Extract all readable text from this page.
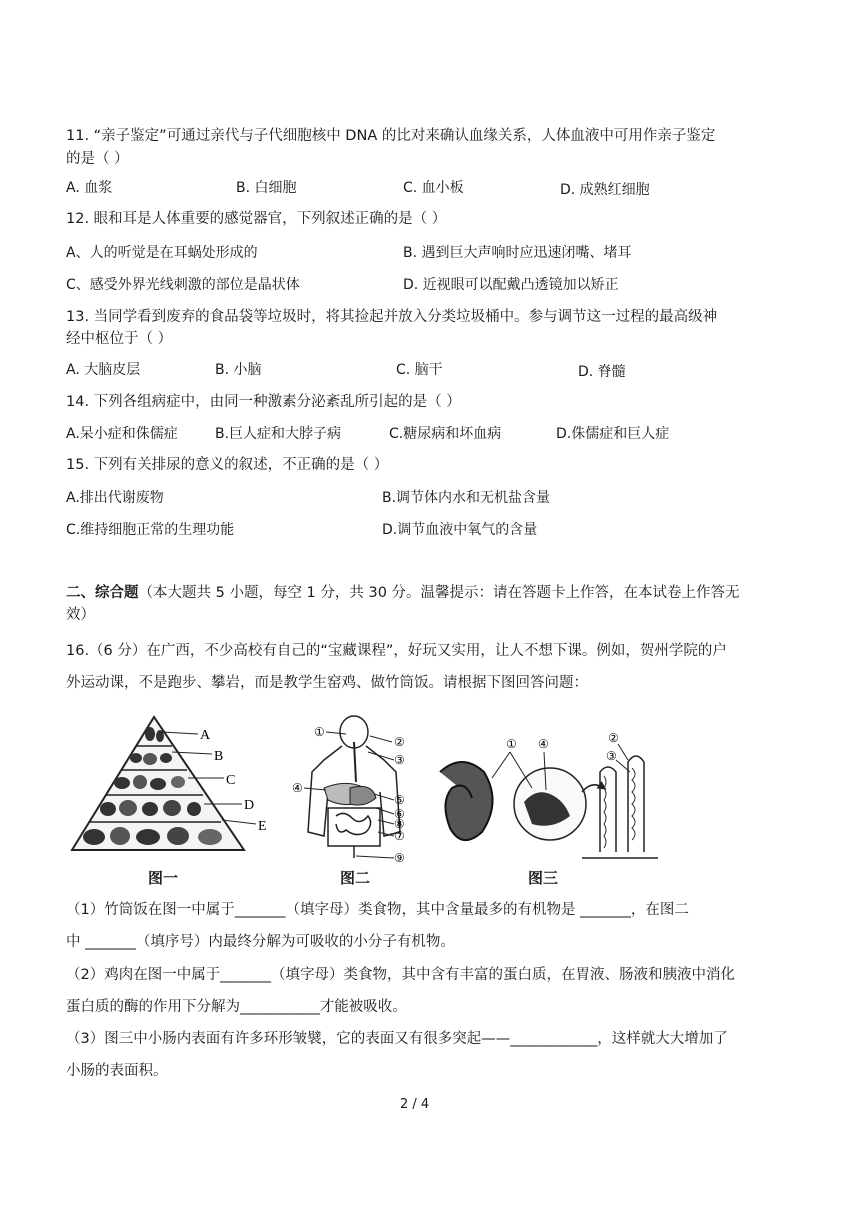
11. “亲子鉴定”可通过亲代与子代细胞核中 DNA 的比对来确认血缘关系，人体血液中可用作亲子鉴定
的是（ ）
A. 血浆	B. 白细胞	C. 血小板	D. 成熟红细胞
12. 眼和耳是人体重要的感觉器官，下列叙述正确的是（ ）
A、人的听觉是在耳蜗处形成的	B. 遇到巨大声响时应迅速闭嘴、堵耳
C、感受外界光线刺激的部位是晶状体	D. 近视眼可以配戴凸透镜加以矫正
13. 当同学看到废弃的食品袋等垃圾时，将其捡起并放入分类垃圾桶中。参与调节这一过程的最高级神
经中枢位于（ ）
A. 大脑皮层	B. 小脑	C. 脑干	D. 脊髓
14. 下列各组病症中，由同一种激素分泌紊乱所引起的是（ ）
A.呆小症和侏儒症	B.巨人症和大脖子病	C.糖尿病和坏血病	D.侏儒症和巨人症
15. 下列有关排尿的意义的叙述，不正确的是（ ）
A.排出代谢废物	B.调节体内水和无机盐含量
C.维持细胞正常的生理功能	D.调节血液中氧气的含量
二、综合题（本大题共 5 小题，每空 1 分，共 30 分。温馨提示：请在答题卡上作答，在本试卷上作答无
效）
16.（6 分）在广西，不少高校有自己的“宝藏课程”，好玩又实用，让人不想下课。例如，贺州学院的户
外运动课，不是跑步、攀岩，而是教学生窑鸡、做竹筒饭。请根据下图回答问题：
A
B
C
D
E
图一
①
②
③
④
⑤
⑥
⑧
⑦
⑨
图二
① ④	②
③
图三
（1）竹筒饭在图一中属于_______（填字母）类食物，其中含量最多的有机物是 _______，在图二
中 _______（填序号）内最终分解为可吸收的小分子有机物。
（2）鸡肉在图一中属于_______（填字母）类食物，其中含有丰富的蛋白质，在胃液、肠液和胰液中消化
蛋白质的酶的作用下分解为___________才能被吸收。
（3）图三中小肠内表面有许多环形皱襞，它的表面又有很多突起——____________，这样就大大增加了
小肠的表面积。
2 / 4
